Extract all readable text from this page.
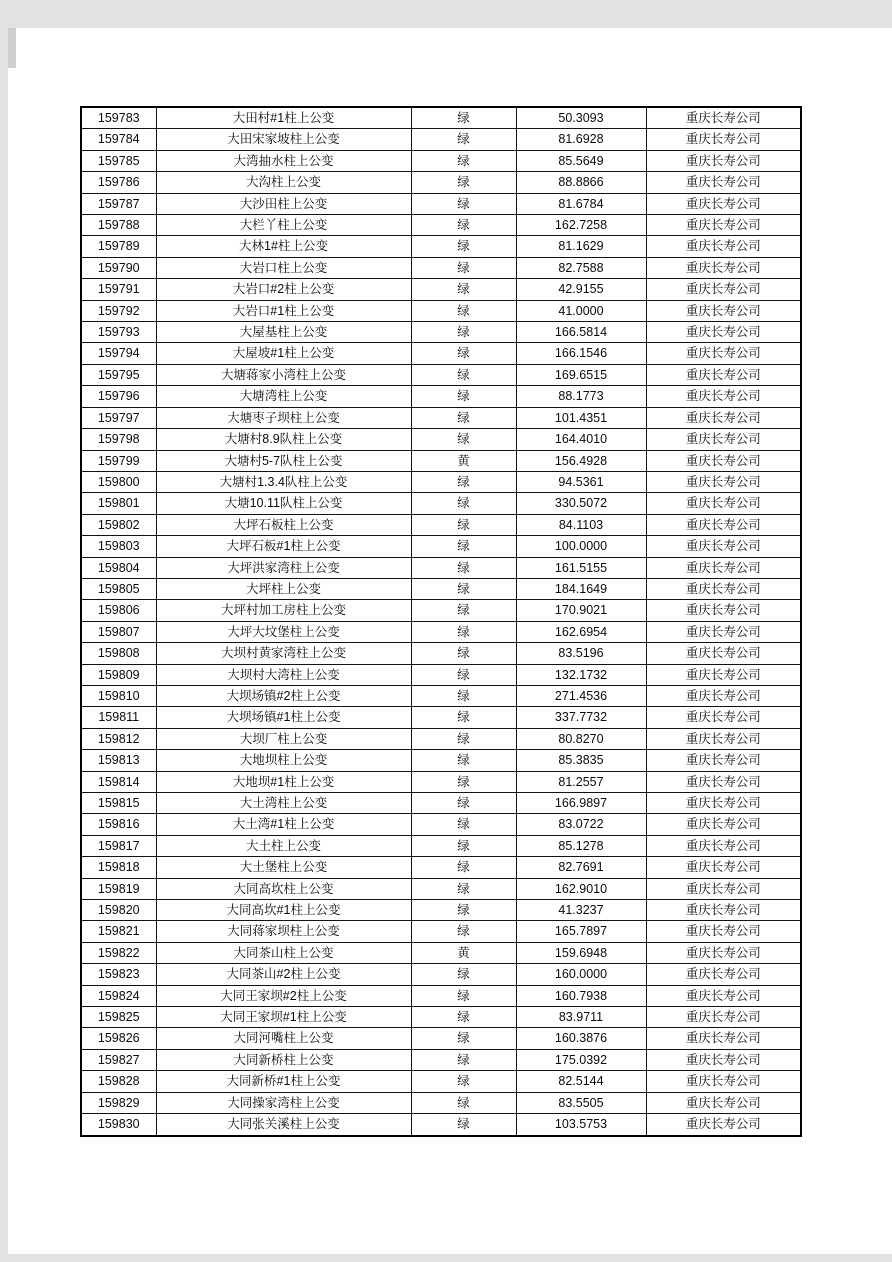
159783	大田村#1柱上公变	绿	50.3093	重庆长寿公司
159784	大田宋家坡柱上公变	绿	81.6928	重庆长寿公司
159785	大湾抽水柱上公变	绿	85.5649	重庆长寿公司
159786	大沟柱上公变	绿	88.8866	重庆长寿公司
159787	大沙田柱上公变	绿	81.6784	重庆长寿公司
159788	大栏丫柱上公变	绿	162.7258	重庆长寿公司
159789	大林1#柱上公变	绿	81.1629	重庆长寿公司
159790	大岩口柱上公变	绿	82.7588	重庆长寿公司
159791	大岩口#2柱上公变	绿	42.9155	重庆长寿公司
159792	大岩口#1柱上公变	绿	41.0000	重庆长寿公司
159793	大屋基柱上公变	绿	166.5814	重庆长寿公司
159794	大屋坡#1柱上公变	绿	166.1546	重庆长寿公司
159795	大塘蒋家小湾柱上公变	绿	169.6515	重庆长寿公司
159796	大塘湾柱上公变	绿	88.1773	重庆长寿公司
159797	大塘枣子坝柱上公变	绿	101.4351	重庆长寿公司
159798	大塘村8.9队柱上公变	绿	164.4010	重庆长寿公司
159799	大塘村5-7队柱上公变	黄	156.4928	重庆长寿公司
159800	大塘村1.3.4队柱上公变	绿	94.5361	重庆长寿公司
159801	大塘10.11队柱上公变	绿	330.5072	重庆长寿公司
159802	大坪石板柱上公变	绿	84.1103	重庆长寿公司
159803	大坪石板#1柱上公变	绿	100.0000	重庆长寿公司
159804	大坪洪家湾柱上公变	绿	161.5155	重庆长寿公司
159805	大坪柱上公变	绿	184.1649	重庆长寿公司
159806	大坪村加工房柱上公变	绿	170.9021	重庆长寿公司
159807	大坪大坟堡柱上公变	绿	162.6954	重庆长寿公司
159808	大坝村黄家湾柱上公变	绿	83.5196	重庆长寿公司
159809	大坝村大湾柱上公变	绿	132.1732	重庆长寿公司
159810	大坝场镇#2柱上公变	绿	271.4536	重庆长寿公司
159811	大坝场镇#1柱上公变	绿	337.7732	重庆长寿公司
159812	大坝厂柱上公变	绿	80.8270	重庆长寿公司
159813	大地坝柱上公变	绿	85.3835	重庆长寿公司
159814	大地坝#1柱上公变	绿	81.2557	重庆长寿公司
159815	大土湾柱上公变	绿	166.9897	重庆长寿公司
159816	大土湾#1柱上公变	绿	83.0722	重庆长寿公司
159817	大土柱上公变	绿	85.1278	重庆长寿公司
159818	大土堡柱上公变	绿	82.7691	重庆长寿公司
159819	大同高坎柱上公变	绿	162.9010	重庆长寿公司
159820	大同高坎#1柱上公变	绿	41.3237	重庆长寿公司
159821	大同蒋家坝柱上公变	绿	165.7897	重庆长寿公司
159822	大同茶山柱上公变	黄	159.6948	重庆长寿公司
159823	大同茶山#2柱上公变	绿	160.0000	重庆长寿公司
159824	大同王家坝#2柱上公变	绿	160.7938	重庆长寿公司
159825	大同王家坝#1柱上公变	绿	83.9711	重庆长寿公司
159826	大同河嘴柱上公变	绿	160.3876	重庆长寿公司
159827	大同新桥柱上公变	绿	175.0392	重庆长寿公司
159828	大同新桥#1柱上公变	绿	82.5144	重庆长寿公司
159829	大同操家湾柱上公变	绿	83.5505	重庆长寿公司
159830	大同张关溪柱上公变	绿	103.5753	重庆长寿公司
